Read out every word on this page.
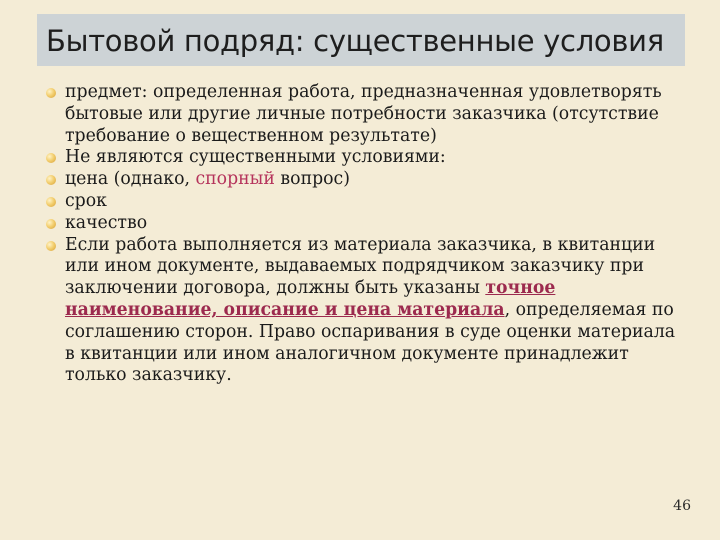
Бытовой подряд: существенные условия
предмет: определенная работа, предназначенная удовлетворять бытовые или другие личные потребности заказчика (отсутствие требование о вещественном результате)
Не являются существенными условиями:
цена (однако, спорный вопрос)
срок
качество
Если работа выполняется из материала заказчика, в квитанции или ином документе, выдаваемых подрядчиком заказчику при заключении договора, должны быть указаны точное наименование, описание и цена материала, определяемая по соглашению сторон. Право оспаривания в суде оценки материала в квитанции или ином аналогичном документе принадлежит только заказчику.
46
